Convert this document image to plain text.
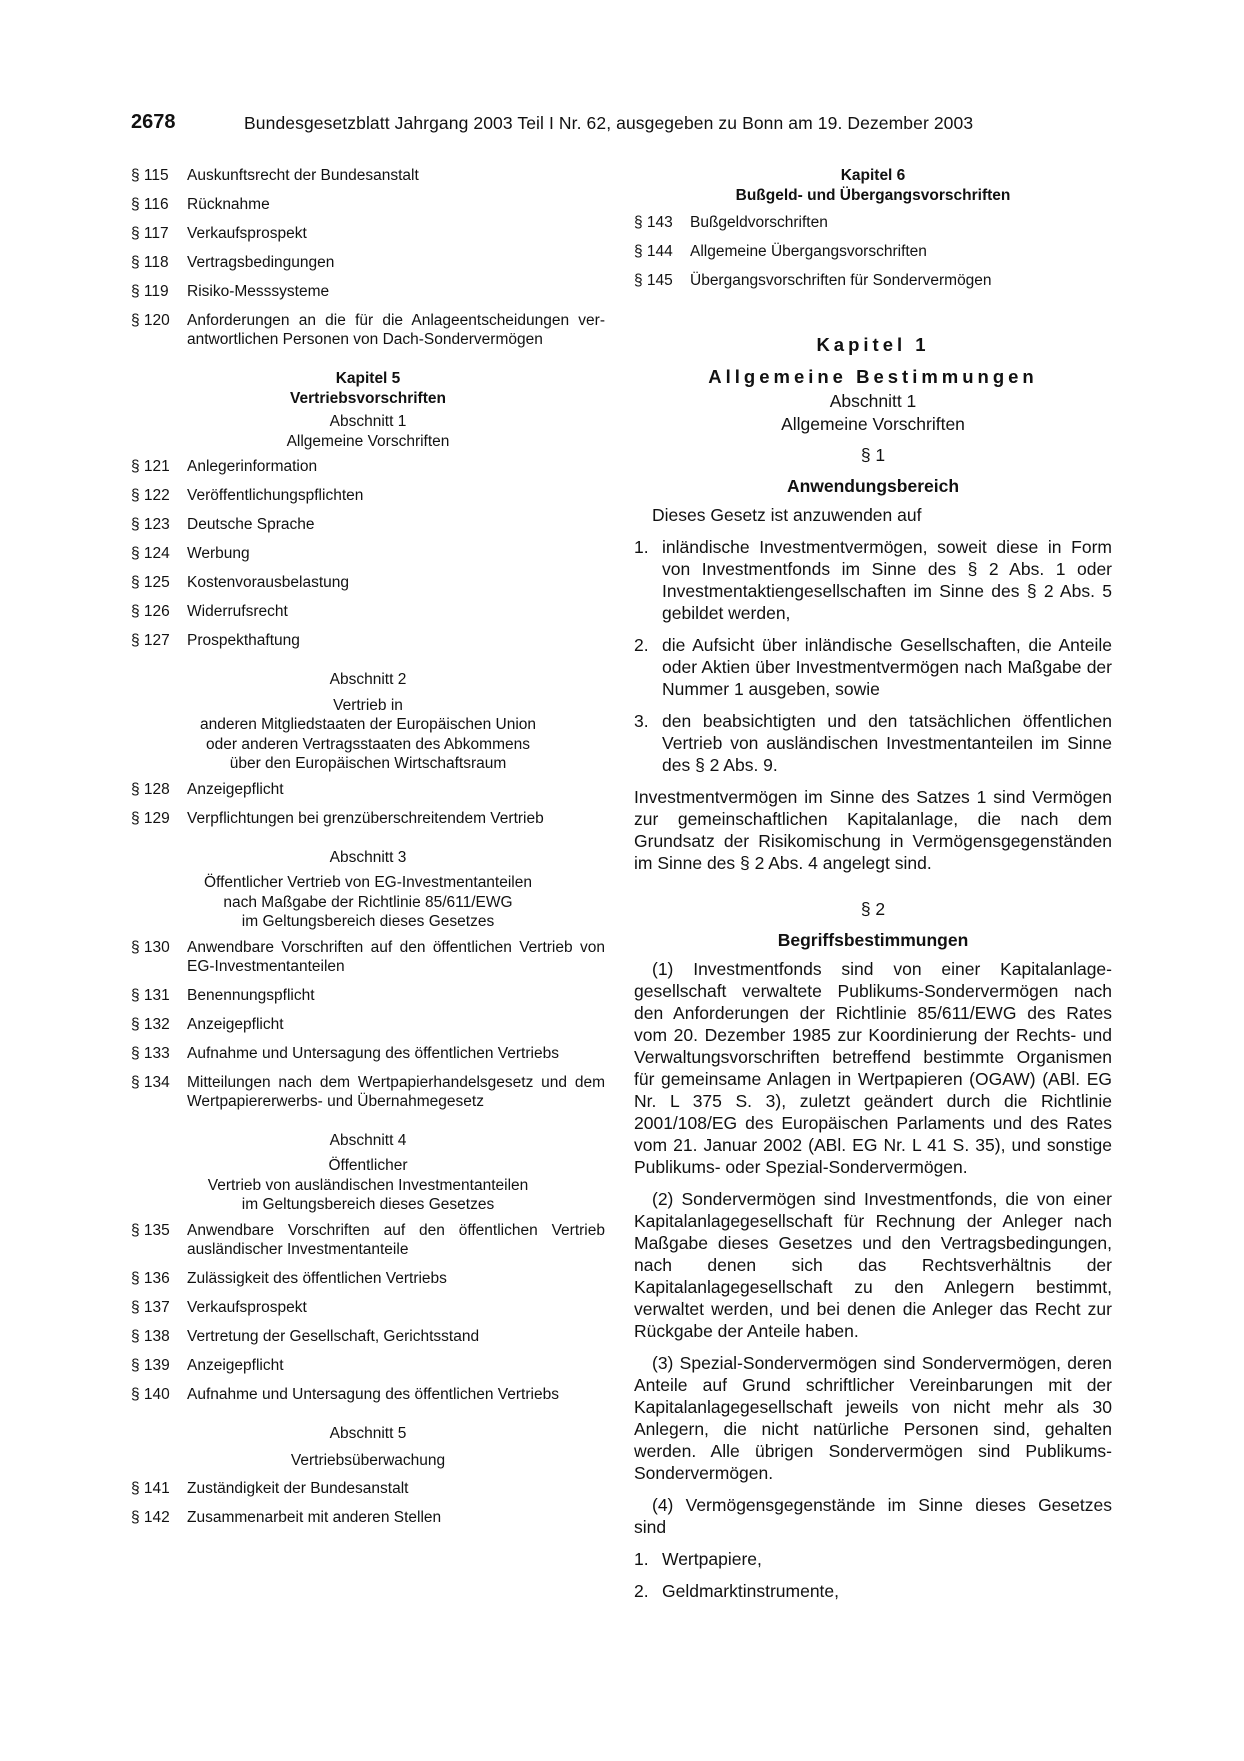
2678	Bundesgesetzblatt Jahrgang 2003 Teil I Nr. 62, ausgegeben zu Bonn am 19. Dezember 2003
§ 115	Auskunftsrecht der Bundesanstalt
§ 116	Rücknahme
§ 117	Verkaufsprospekt
§ 118	Vertragsbedingungen
§ 119	Risiko-Messsysteme
§ 120	Anforderungen an die für die Anlageentscheidungen verantwortlichen Personen von Dach-Sondervermögen
Kapitel 5
Vertriebsvorschriften
Abschnitt 1
Allgemeine Vorschriften
§ 121	Anlegerinformation
§ 122	Veröffentlichungspflichten
§ 123	Deutsche Sprache
§ 124	Werbung
§ 125	Kostenvorausbelastung
§ 126	Widerrufsrecht
§ 127	Prospekthaftung
Abschnitt 2
Vertrieb in
anderen Mitgliedstaaten der Europäischen Union
oder anderen Vertragsstaaten des Abkommens
über den Europäischen Wirtschaftsraum
§ 128	Anzeigepflicht
§ 129	Verpflichtungen bei grenzüberschreitendem Vertrieb
Abschnitt 3
Öffentlicher Vertrieb von EG-Investmentanteilen
nach Maßgabe der Richtlinie 85/611/EWG
im Geltungsbereich dieses Gesetzes
§ 130	Anwendbare Vorschriften auf den öffentlichen Vertrieb von EG-Investmentanteilen
§ 131	Benennungspflicht
§ 132	Anzeigepflicht
§ 133	Aufnahme und Untersagung des öffentlichen Vertriebs
§ 134	Mitteilungen nach dem Wertpapierhandelsgesetz und dem Wertpapiererwerbs- und Übernahmegesetz
Abschnitt 4
Öffentlicher
Vertrieb von ausländischen Investmentanteilen
im Geltungsbereich dieses Gesetzes
§ 135	Anwendbare Vorschriften auf den öffentlichen Vertrieb ausländischer Investmentanteile
§ 136	Zulässigkeit des öffentlichen Vertriebs
§ 137	Verkaufsprospekt
§ 138	Vertretung der Gesellschaft, Gerichtsstand
§ 139	Anzeigepflicht
§ 140	Aufnahme und Untersagung des öffentlichen Vertriebs
Abschnitt 5
Vertriebsüberwachung
§ 141	Zuständigkeit der Bundesanstalt
§ 142	Zusammenarbeit mit anderen Stellen
Kapitel 6
Bußgeld- und Übergangsvorschriften
§ 143	Bußgeldvorschriften
§ 144	Allgemeine Übergangsvorschriften
§ 145	Übergangsvorschriften für Sondervermögen
Kapitel 1
Allgemeine Bestimmungen
Abschnitt 1
Allgemeine Vorschriften
§ 1
Anwendungsbereich

Dieses Gesetz ist anzuwenden auf

1. inländische Investmentvermögen, soweit diese in Form von Investmentfonds im Sinne des § 2 Abs. 1 oder Investmentaktiengesellschaften im Sinne des § 2 Abs. 5 gebildet werden,
2. die Aufsicht über inländische Gesellschaften, die Anteile oder Aktien über Investmentvermögen nach Maßgabe der Nummer 1 ausgeben, sowie
3. den beabsichtigten und den tatsächlichen öffentlichen Vertrieb von ausländischen Investmentanteilen im Sinne des § 2 Abs. 9.

Investmentvermögen im Sinne des Satzes 1 sind Vermögen zur gemeinschaftlichen Kapitalanlage, die nach dem Grundsatz der Risikomischung in Vermögensgegenständen im Sinne des § 2 Abs. 4 angelegt sind.

§ 2
Begriffsbestimmungen

(1) Investmentfonds sind von einer Kapitalanlagegesellschaft verwaltete Publikums-Sondervermögen nach den Anforderungen der Richtlinie 85/611/EWG des Rates vom 20. Dezember 1985 zur Koordinierung der Rechts- und Verwaltungsvorschriften betreffend bestimmte Organismen für gemeinsame Anlagen in Wertpapieren (OGAW) (ABl. EG Nr. L 375 S. 3), zuletzt geändert durch die Richtlinie 2001/108/EG des Europäischen Parlaments und des Rates vom 21. Januar 2002 (ABl. EG Nr. L 41 S. 35), und sonstige Publikums- oder Spezial-Sondervermögen.

(2) Sondervermögen sind Investmentfonds, die von einer Kapitalanlagegesellschaft für Rechnung der Anleger nach Maßgabe dieses Gesetzes und den Vertragsbedingungen, nach denen sich das Rechtsverhältnis der Kapitalanlagegesellschaft zu den Anlegern bestimmt, verwaltet werden, und bei denen die Anleger das Recht zur Rückgabe der Anteile haben.

(3) Spezial-Sondervermögen sind Sondervermögen, deren Anteile auf Grund schriftlicher Vereinbarungen mit der Kapitalanlagegesellschaft jeweils von nicht mehr als 30 Anlegern, die nicht natürliche Personen sind, gehalten werden. Alle übrigen Sondervermögen sind Publikums-Sondervermögen.

(4) Vermögensgegenstände im Sinne dieses Gesetzes sind

1. Wertpapiere,
2. Geldmarktinstrumente,
